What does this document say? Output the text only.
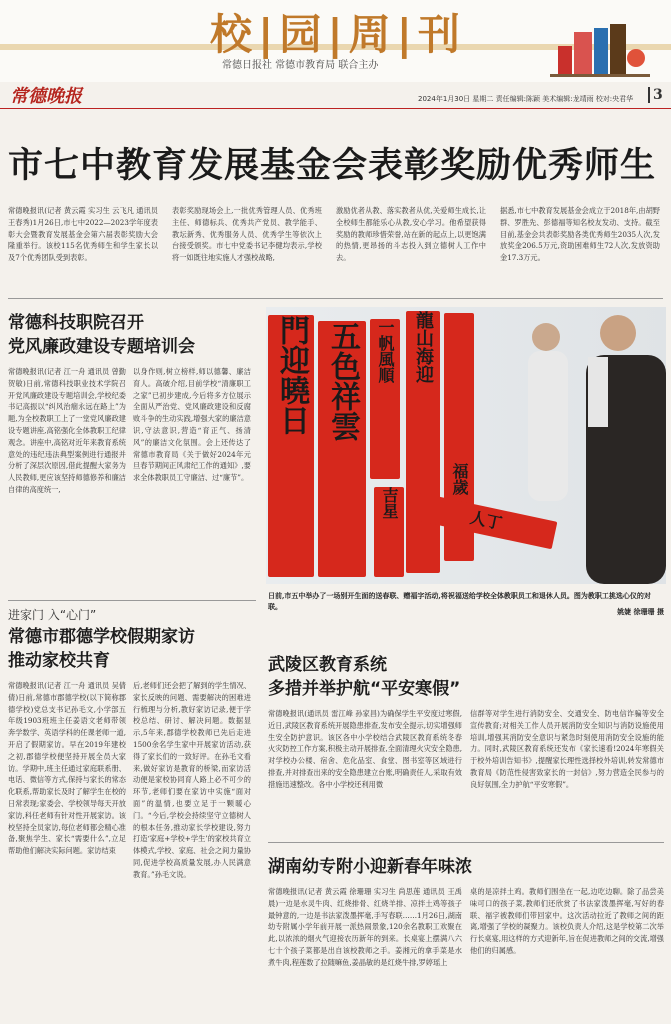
校|园|周|刊
常德日报社 常德市教育局 联合主办
常德晚报	2024年1月30日 星期二 责任编辑:陈颖 美术编辑:龙靖雨 校对:央君华	3
市七中教育发展基金会表彰奖励优秀师生
常德晚报讯(记者 黄云霞 实习生 云飞凡 通讯员 王春秀)1月26日,市七中2022—2023学年度表彰大会暨教育发展基金会第六届表彰奖励大会隆重举行。该校115名优秀师生和学生家长以及7个优秀团队受到表彰。
表彰奖励现场会上,一批优秀管理人员、优秀班主任、师德标兵、优秀共产党员、教学能手、教坛新秀、优秀服务人员、优秀学生等依次上台接受颁奖。市七中党委书记李健均表示,学校将一如既往地实施人才强校战略,
激励优者从教、落实教者从优,关爱师生成长,让全校师生都能乐心从教,安心学习。他希望获得奖励的教师珍惜荣誉,站在新的起点上,以更饱满的热情,更昂扬的斗志投入到立德树人工作中去。
据悉,市七中教育发展基金会成立于2018年,由胡野群、罗胜先、彭德福等知名校友发动、支持。截至目前,基金会共表彰奖励各类优秀师生2035人次,发放奖金206.5万元,资助困难师生72人次,发放资助金17.3万元。
常德科技职院召开
党风廉政建设专题培训会
常德晚报讯(记者 江一舟 通讯员 曾勤 贺敏)日前,常德科技职业技术学院召开党风廉政建设专题培训会,学校纪委书记高振以“纠风治痼永远在路上”为题,为全校教职工上了一堂党风廉政建设专题讲座,高铭强化全体教职工纪律观念。讲座中,高铭对近年来教育系统意处的违纪违法典型案例进行通报并分析了深层次原因,借此提醒大家务为人民教师,更应该坚持师德修养和廉洁自律的高度统一,
以身作则,树立榜样,师以德馨、廉洁育人。高破介绍,目前学校“清廉职工之家”已初步建成,今后将多方位展示全面从严治党、党风廉政建设和反腐败斗争的生动实践,增强大家的廉洁意识,守法意识,营造“育正气、扬清风”的廉洁文化氛围。会上还传达了常德市教育局《关于做好2024年元旦春节期间正风肃纪工作的通知》,要求全体教职员工守廉洁、过“廉节”。
門迎曉日 五色祥雲	一帆風順	龍山海迎
吉星
福歲
人丁
日前,市五中举办了一场别开生面的送春联、赠福字活动,将祝福送给学校全体教职员工和退休人员。图为教职工挑选心仪的对联。
姚婕 徐珊珊 摄
进家门 入“心门”
常德市郡德学校假期家访
推动家校共育
常德晚报讯(记者 江一舟 通讯员 吴倩倩)日前,常德市郡德学校(以下简称郡德学校)党总支书记孙毛文,小学部五年级1903班班主任姜语文老师带领奔学数学、英语学科的任课老师一道,开启了假期家访。早在2019年建校之初,郡德学校便坚持开展全员大家访。学期中,班主任通过家庭联系册、电话、微信等方式,保持与家长的常态化联系,帮助家长及时了解学生在校的日常表现;家委会、学校领导每天开放家访,科任老师有针对性开展家访。该校坚持全员家访,每位老师都会精心准备,聚焦学生、家长“需要什么”,立足帮助他们解决实际问题。家访结束
后,老师们还会把了解到的学生情况、家长反映的问题、需要解决的困难进行梳理与分析,教好家访记录,便于学校总结、研讨、解决问题。数据显示,5年来,郡德学校教师已先后走进1500余名学生家中开展家访活动,获得了家长们的一致好评。在孙毛文看来,做好家访是教育的桥梁,而家访活动便是家校协同育人路上必不可少的环节,老师们要在家访中实施“面对面”的温情,也要立足于一颗暖心门。“今后,学校会持续坚守立德树人的根本任务,推动家长学校建设,努力打造‘家庭+学校+学生’的家校共育立体模式,学校、家庭、社会之间力量协同,促进学校高质量发展,办人民满意教育。”孙毛文说。
武陵区教育系统
多措并举护航“平安寒假”
常德晚报讯(通讯员 雷江峰 孙家昌)为确保学生平安度过寒假,近日,武陵区教育系统开展隐患排查,发布安全提示,切实增强师生安全防护意识。该区各中小学校结合武陵区教育系统冬春火灾防控工作方案,积极主动开展排查,全面清理火灾安全隐患,对学校办公楼、宿舍、危化品室、食堂、图书室等区域进行排查,并对排查出来的安全隐患建立台账,明确责任人,采取有效措施迅速整改。各中小学校还利用微
信群等对学生进行消防安全、交通安全、防电信诈骗等安全宣传教育;对相关工作人员开展消防安全知识与消防设施使用培训,增强其消防安全意识与紧急时刻使用消防安全设施的能力。同时,武陵区教育系统还发布《家长速看!2024年寒假关于校外培训告知书》,提醒家长理性选择校外培训,转发常德市教育局《防范性侵害致家长的一封信》,努力营造全民参与的良好氛围,全力护航“平安寒假”。
湖南幼专附小迎新春年味浓
常德晚报讯(记者 黄云霞 徐珊珊 实习生 尚思莲 通讯员 王禹晨)一边是水灵牛肉、红烧排骨、红烧羊排、凉拌土鸡等孩子最钟意的,一边是书法家泼墨挥毫,手写春联……1月26日,湖南幼专附属小学年前开展一派热闹景象,120余名教职工欢聚在此,以浓浓的烟火气迎接农历新年的到来。长桌宴上摆满八六七十个孩子菜都是出自该校教师之手。姜湘元的拿手菜是水煮牛肉,程莲数了拉随嘛鱼,姜晶敏的是红烧牛排,罗婷瑶上
桌的是凉拌土鸡。教师们围坐在一起,边吃边聊。除了品尝美味可口的孩子菜,教师们还欣赏了书法家泼墨挥毫,写好的春联、福字被教师们带回家中。这次活动拉近了教师之间的距离,增强了学校的凝聚力。该校负责人介绍,这是学校第二次举行长桌宴,用这样的方式迎新年,旨在促进教师之间的交流,增强他们的归属感。
